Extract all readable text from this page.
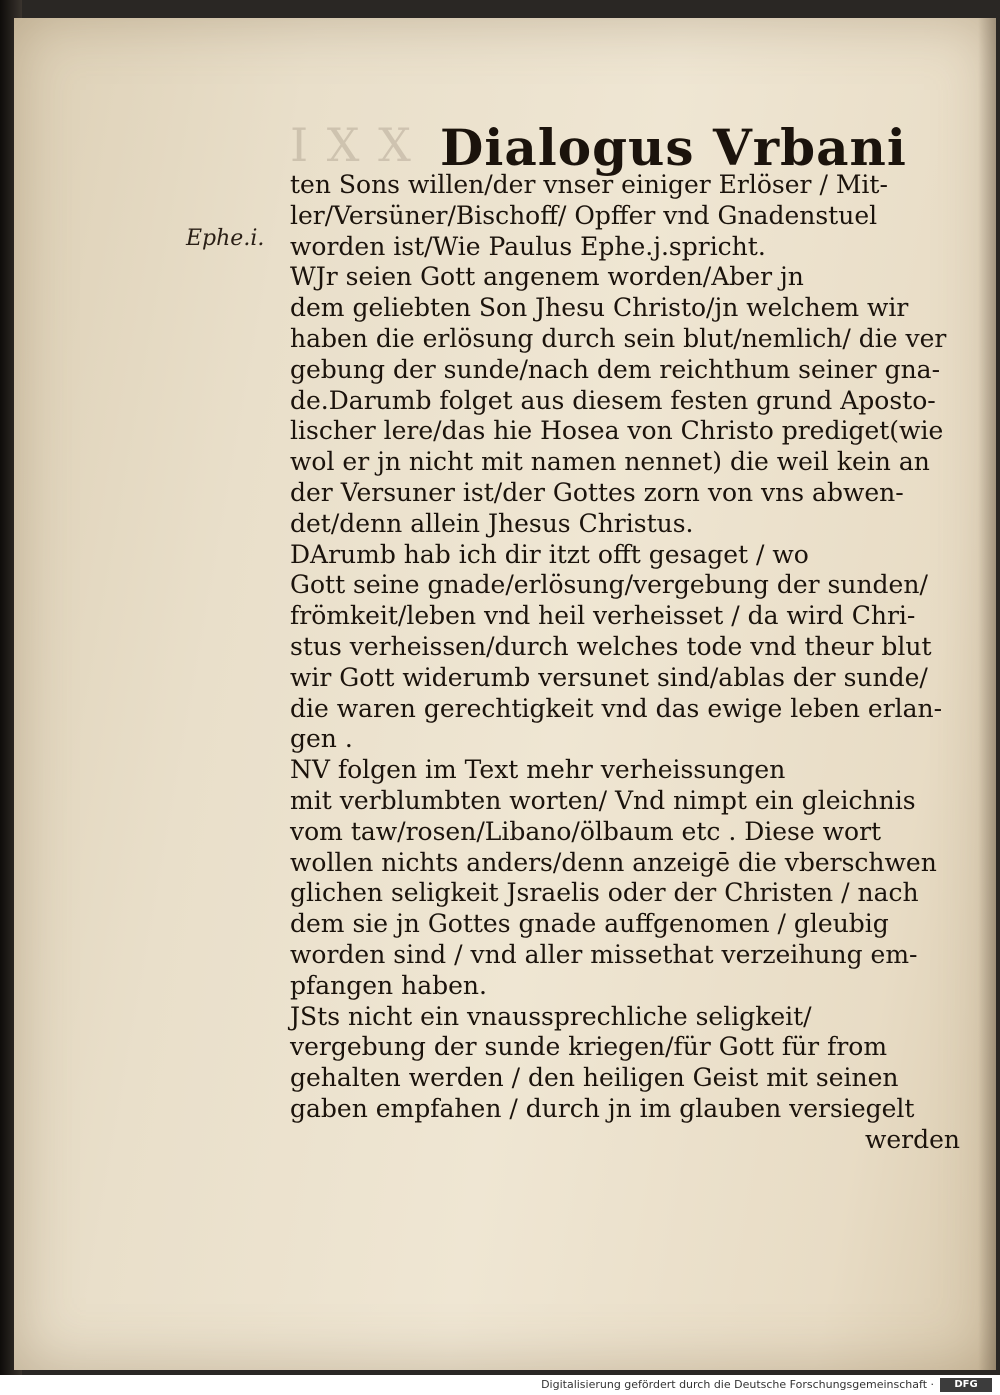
I X X Dialogus Vrbani
Ephe.i.
ten Sons willen/der vnser einiger Erlöser / Mit-
ler/Versüner/Bischoff/ Opffer vnd Gnadenstuel
worden ist/Wie Paulus Ephe.j.spricht.
WJr seien Gott angenem worden/Aber jn
dem geliebten Son Jhesu Christo/jn welchem wir
haben die erlösung durch sein blut/nemlich/ die ver
gebung der sunde/nach dem reichthum seiner gna-
de.Darumb folget aus diesem festen grund Aposto-
lischer lere/das hie Hosea von Christo prediget(wie
wol er jn nicht mit namen nennet) die weil kein an
der Versuner ist/der Gottes zorn von vns abwen-
det/denn allein Jhesus Christus.
DArumb hab ich dir itzt offt gesaget / wo
Gott seine gnade/erlösung/vergebung der sunden/
frömkeit/leben vnd heil verheisset / da wird Chri-
stus verheissen/durch welches tode vnd theur blut
wir Gott widerumb versunet sind/ablas der sunde/
die waren gerechtigkeit vnd das ewige leben erlan-
gen .
NV folgen im Text mehr verheissungen
mit verblumbten worten/ Vnd nimpt ein gleichnis
vom taw/rosen/Libano/ölbaum etc . Diese wort
wollen nichts anders/denn anzeigē die vberschwen
glichen seligkeit Jsraelis oder der Christen / nach
dem sie jn Gottes gnade auffgenomen / gleubig
worden sind / vnd aller missethat verzeihung em-
pfangen haben.
JSts nicht ein vnaussprechliche seligkeit/
vergebung der sunde kriegen/für Gott für from
gehalten werden / den heiligen Geist mit seinen
gaben empfahen / durch jn im glauben versiegelt
werden
Digitalisierung gefördert durch die Deutsche Forschungsgemeinschaft ·	DFG
